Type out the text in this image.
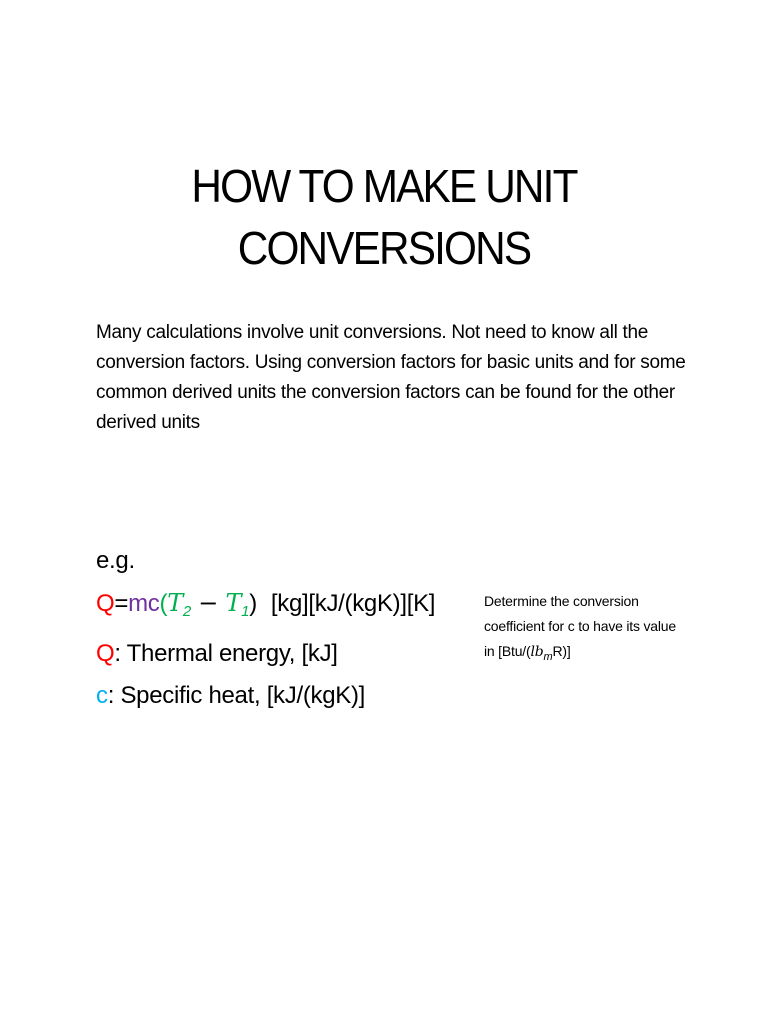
HOW TO MAKE UNIT
CONVERSIONS
Many calculations involve unit conversions. Not need to know all the conversion factors. Using conversion factors for basic units and for some common derived units the conversion factors can be found for the other derived units
e.g.
$Q=mc(T_2 - T_1)$ [kg][kJ/(kgK)][K]
Q: Thermal energy, [kJ]
c: Specific heat, [kJ/(kgK)]
Determine the conversion
coefficient for c to have its value
in $[Btu/(lb_mR)]$
